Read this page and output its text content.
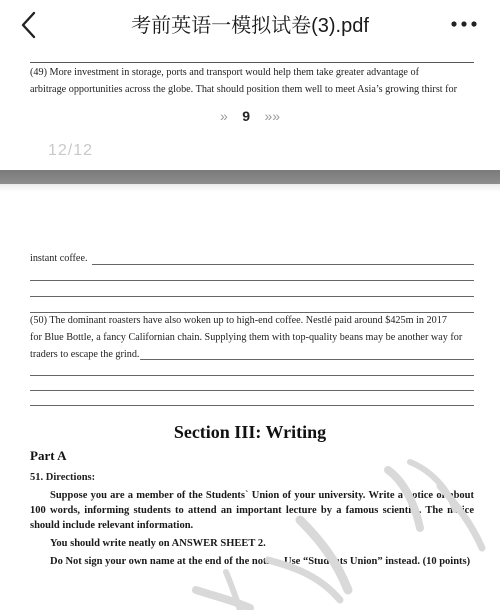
考前英语一模拟试卷(3).pdf
(49) More investment in storage, ports and transport would help them take greater advantage of
arbitrage opportunities across the globe. That should position them well to meet Asia’s growing thirst for
12/12
» 9 »»
instant coffee.
(50) The dominant roasters have also woken up to high-end coffee. Nestlé paid around $425m in 2017
for Blue Bottle, a fancy Californian chain. Supplying them with top-quality beans may be another way for
traders to escape the grind.
Section III: Writing
Part A
51. Directions:

Suppose you are a member of the Students` Union of your university. Write a notice of about 100 words, informing students to attend an important lecture by a famous scientist. The notice should include relevant information.

You should write neatly on ANSWER SHEET 2.

Do Not sign your own name at the end of the notice. Use “Students Union” instead. (10 points)
